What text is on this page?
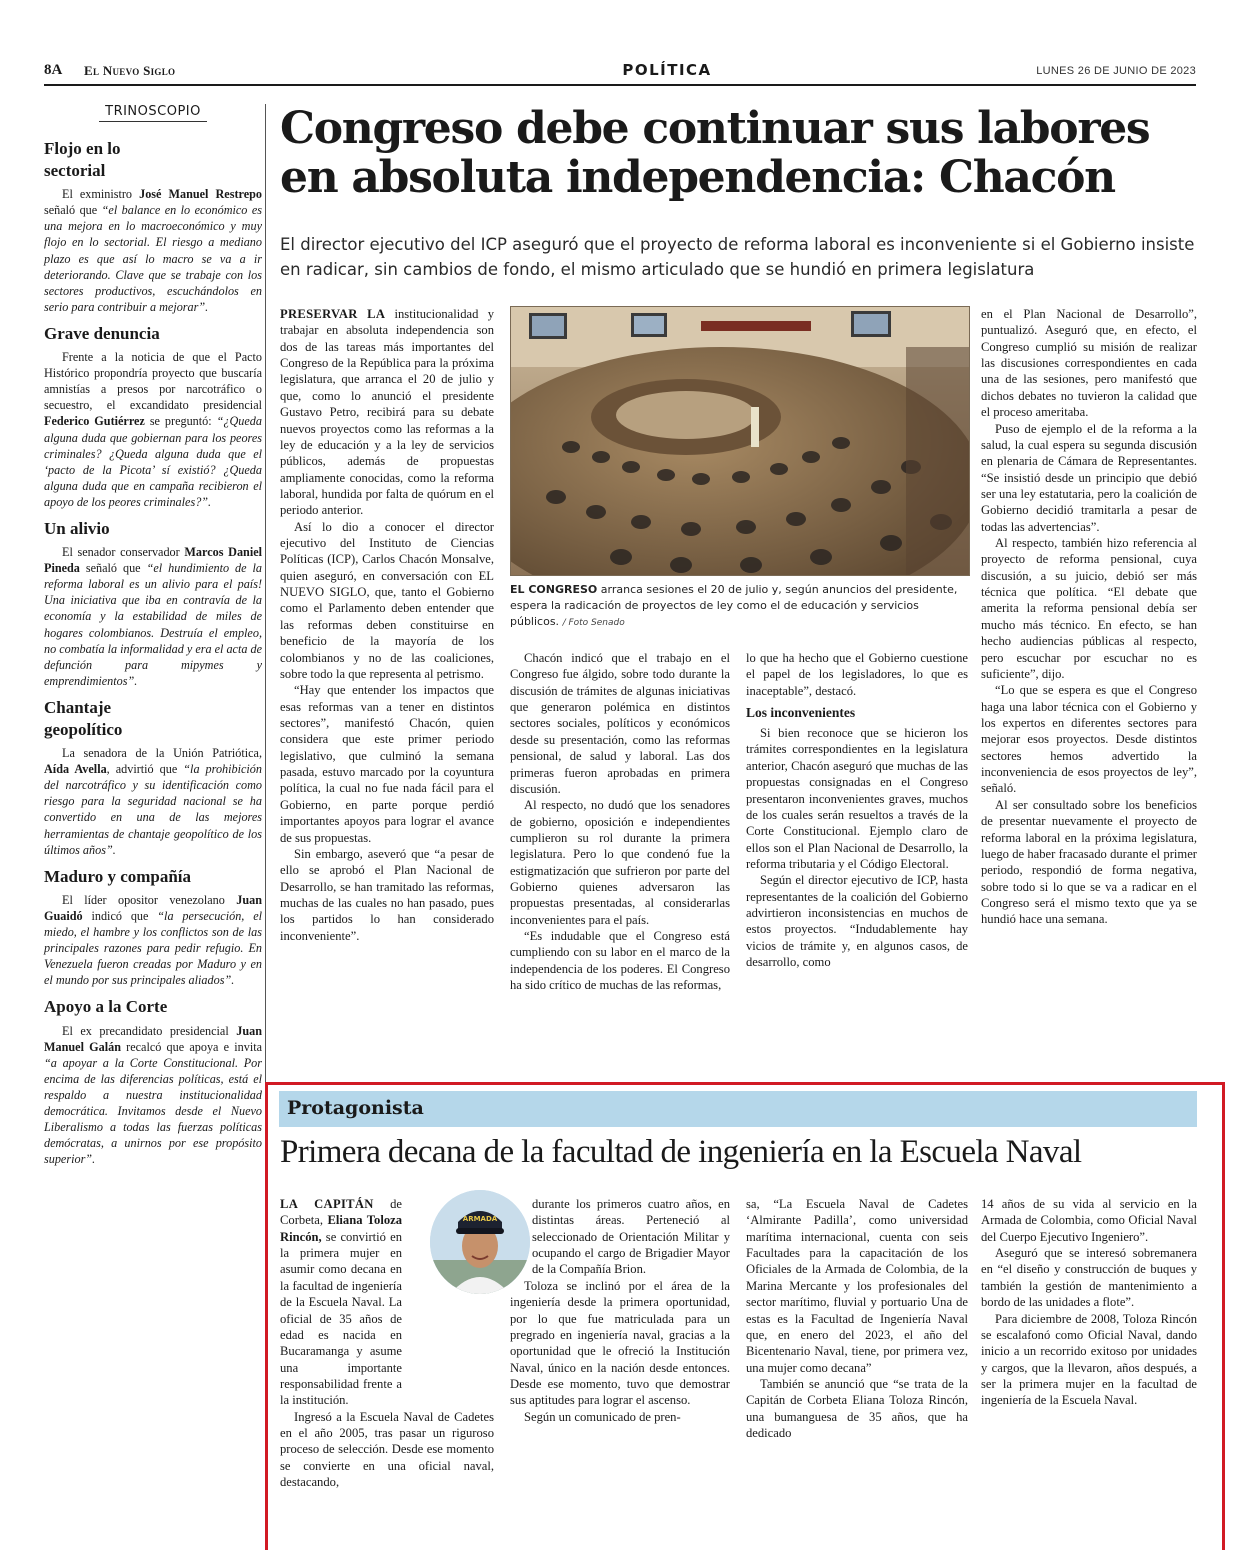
8A El Nuevo Siglo	POLÍTICA	LUNES 26 DE JUNIO DE 2023
TRINOSCOPIO
Flojo en lo sectorial

El exministro José Manuel Restrepo señaló que “el balance en lo económico es una mejora en lo macroeconómico y muy flojo en lo sectorial. El riesgo a mediano plazo es que así lo macro se va a ir deteriorando. Clave que se trabaje con los sectores productivos, escuchándolos en serio para contribuir a mejorar”.

Grave denuncia

Frente a la noticia de que el Pacto Histórico propondría proyecto que buscaría amnistías a presos por narcotráfico o secuestro, el excandidato presidencial Federico Gutiérrez se preguntó: “¿Queda alguna duda que gobiernan para los peores criminales? ¿Queda alguna duda que el ‘pacto de la Picota’ sí existió? ¿Queda alguna duda que en campaña recibieron el apoyo de los peores criminales?”.

Un alivio

El senador conservador Marcos Daniel Pineda señaló que “el hundimiento de la reforma laboral es un alivio para el país! Una iniciativa que iba en contravía de la economía y la estabilidad de miles de hogares colombianos. Destruía el empleo, no combatía la informalidad y era el acta de defunción para mipymes y emprendimientos”.

Chantaje geopolítico

La senadora de la Unión Patriótica, Aída Avella, advirtió que “la prohibición del narcotráfico y su identificación como riesgo para la seguridad nacional se ha convertido en una de las mejores herramientas de chantaje geopolítico de los últimos años”.

Maduro y compañía

El líder opositor venezolano Juan Guaidó indicó que “la persecución, el miedo, el hambre y los conflictos son de las principales razones para pedir refugio. En Venezuela fueron creadas por Maduro y en el mundo por sus principales aliados”.

Apoyo a la Corte

El ex precandidato presidencial Juan Manuel Galán recalcó que apoya e invita “a apoyar a la Corte Constitucional. Por encima de las diferencias políticas, está el respaldo a nuestra institucionalidad democrática. Invitamos desde el Nuevo Liberalismo a todas las fuerzas políticas demócratas, a unirnos por ese propósito superior”.

Congreso debe continuar sus labores en absoluta independencia: Chacón

El director ejecutivo del ICP aseguró que el proyecto de reforma laboral es inconveniente si el Gobierno insiste en radicar, sin cambios de fondo, el mismo articulado que se hundió en primera legislatura

PRESERVAR LA institucionalidad y trabajar en absoluta independencia son dos de las tareas más importantes del Congreso de la República para la próxima legislatura, que arranca el 20 de julio y que, como lo anunció el presidente Gustavo Petro, recibirá para su debate nuevos proyectos como las reformas a la ley de educación y a la ley de servicios públicos, además de propuestas ampliamente conocidas, como la reforma laboral, hundida por falta de quórum en el periodo anterior.

Así lo dio a conocer el director ejecutivo del Instituto de Ciencias Políticas (ICP), Carlos Chacón Monsalve, quien aseguró, en conversación con EL NUEVO SIGLO, que, tanto el Gobierno como el Parlamento deben entender que las reformas deben constituirse en beneficio de la mayoría de los colombianos y no de las coaliciones, sobre todo la que representa al petrismo.

“Hay que entender los impactos que esas reformas van a tener en distintos sectores”, manifestó Chacón, quien considera que este primer periodo legislativo, que culminó la semana pasada, estuvo marcado por la coyuntura política, la cual no fue nada fácil para el Gobierno, en parte porque perdió importantes apoyos para lograr el avance de sus propuestas.

Sin embargo, aseveró que “a pesar de ello se aprobó el Plan Nacional de Desarrollo, se han tramitado las reformas, muchas de las cuales no han pasado, pues los partidos lo han considerado inconveniente”.

EL CONGRESO arranca sesiones el 20 de julio y, según anuncios del presidente, espera la radicación de proyectos de ley como el de educación y servicios públicos. / Foto Senado

Chacón indicó que el trabajo en el Congreso fue álgido, sobre todo durante la discusión de trámites de algunas iniciativas que generaron polémica en distintos sectores sociales, políticos y económicos desde su presentación, como las reformas pensional, de salud y laboral. Las dos primeras fueron aprobadas en primera discusión.

Al respecto, no dudó que los senadores de gobierno, oposición e independientes cumplieron su rol durante la primera legislatura. Pero lo que condenó fue la estigmatización que sufrieron por parte del Gobierno quienes adversaron las propuestas presentadas, al considerarlas inconvenientes para el país.

“Es indudable que el Congreso está cumpliendo con su labor en el marco de la independencia de los poderes. El Congreso ha sido crítico de muchas de las reformas,

lo que ha hecho que el Gobierno cuestione el papel de los legisladores, lo que es inaceptable”, destacó.

Los inconvenientes

Si bien reconoce que se hicieron los trámites correspondientes en la legislatura anterior, Chacón aseguró que muchas de las propuestas consignadas en el Congreso presentaron inconvenientes graves, muchos de los cuales serán resueltos a través de la Corte Constitucional. Ejemplo claro de ellos son el Plan Nacional de Desarrollo, la reforma tributaria y el Código Electoral.

Según el director ejecutivo de ICP, hasta representantes de la coalición del Gobierno advirtieron inconsistencias en muchos de estos proyectos. “Indudablemente hay vicios de trámite y, en algunos casos, de desarrollo, como

en el Plan Nacional de Desarrollo”, puntualizó. Aseguró que, en efecto, el Congreso cumplió su misión de realizar las discusiones correspondientes en cada una de las sesiones, pero manifestó que dichos debates no tuvieron la calidad que el proceso ameritaba.

Puso de ejemplo el de la reforma a la salud, la cual espera su segunda discusión en plenaria de Cámara de Representantes. “Se insistió desde un principio que debió ser una ley estatutaria, pero la coalición de Gobierno decidió tramitarla a pesar de todas las advertencias”.

Al respecto, también hizo referencia al proyecto de reforma pensional, cuya discusión, a su juicio, debió ser más técnica que política. “El debate que amerita la reforma pensional debía ser mucho más técnico. En efecto, se han hecho audiencias públicas al respecto, pero escuchar por escuchar no es suficiente”, dijo.

“Lo que se espera es que el Congreso haga una labor técnica con el Gobierno y los expertos en diferentes sectores para mejorar esos proyectos. Desde distintos sectores hemos advertido la inconveniencia de esos proyectos de ley”, señaló.

Al ser consultado sobre los beneficios de presentar nuevamente el proyecto de reforma laboral en la próxima legislatura, luego de haber fracasado durante el primer periodo, respondió de forma negativa, sobre todo si lo que se va a radicar en el Congreso será el mismo texto que ya se hundió hace una semana.

Protagonista
Primera decana de la facultad de ingeniería en la Escuela Naval
ARMADA

LA CAPITÁN de Corbeta, Eliana Toloza Rincón, se convirtió en la primera mujer en asumir como decana en la facultad de ingeniería de la Escuela Naval. La oficial de 35 años de edad es nacida en Bucaramanga y asume una importante responsabilidad frente a la institución.

Ingresó a la Escuela Naval de Cadetes en el año 2005, tras pasar un riguroso proceso de selección. Desde ese momento se convierte en una oficial naval, destacando,

durante los primeros cuatro años, en distintas áreas. Perteneció al seleccionado de Orientación Militar y ocupando el cargo de Brigadier Mayor de la Compañía Brion.

Toloza se inclinó por el área de la ingeniería desde la primera oportunidad, por lo que fue matriculada para un pregrado en ingeniería naval, gracias a la oportunidad que le ofreció la Institución Naval, único en la nación desde entonces. Desde ese momento, tuvo que demostrar sus aptitudes para lograr el ascenso.

Según un comunicado de pren-

sa, “La Escuela Naval de Cadetes ‘Almirante Padilla’, como universidad marítima internacional, cuenta con seis Facultades para la capacitación de los Oficiales de la Armada de Colombia, de la Marina Mercante y los profesionales del sector marítimo, fluvial y portuario Una de estas es la Facultad de Ingeniería Naval que, en enero del 2023, el año del Bicentenario Naval, tiene, por primera vez, una mujer como decana”

También se anunció que “se trata de la Capitán de Corbeta Eliana Toloza Rincón, una bumanguesa de 35 años, que ha dedicado

14 años de su vida al servicio en la Armada de Colombia, como Oficial Naval del Cuerpo Ejecutivo Ingeniero”.

Aseguró que se interesó sobremanera en “el diseño y construcción de buques y también la gestión de mantenimiento a bordo de las unidades a flote”.

Para diciembre de 2008, Toloza Rincón se escalafonó como Oficial Naval, dando inicio a un recorrido exitoso por unidades y cargos, que la llevaron, años después, a ser la primera mujer en la facultad de ingeniería de la Escuela Naval.
